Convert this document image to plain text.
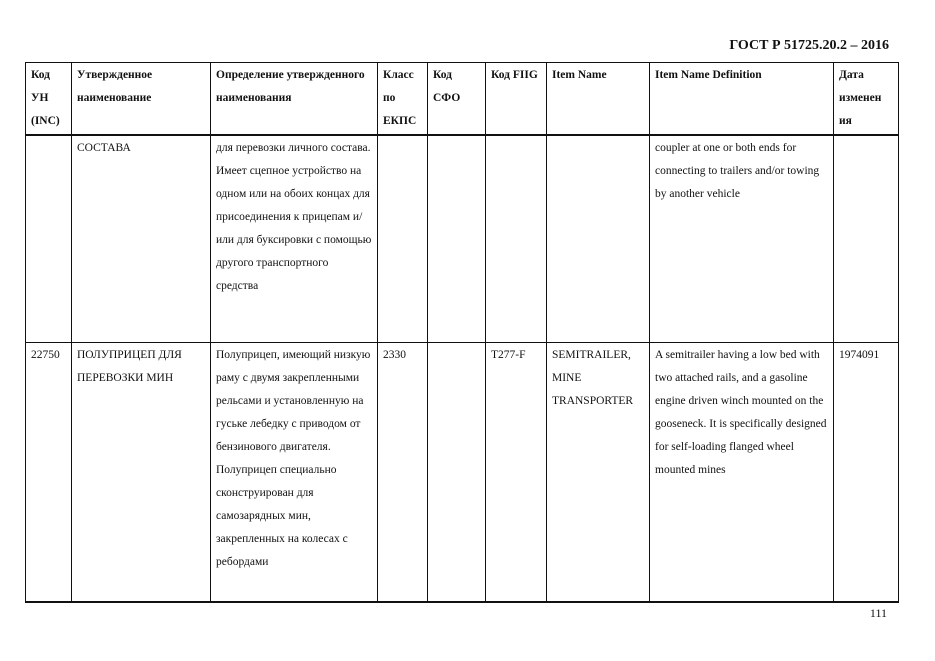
ГОСТ Р 51725.20.2 – 2016
Код УН (INC)	Утвержденное наименование	Определение утвержденного наименования	Класс по ЕКПС	Код СФО	Код FIIG	Item Name	Item Name Definition	Дата изменен ия
	СОСТАВА	для перевозки личного состава. Имеет сцепное устройство на одном или на обоих концах для присоединения к прицепам и/или для буксировки с помощью другого транспортного средства					coupler at one or both ends for connecting to trailers and/or towing by another vehicle	
22750	ПОЛУПРИЦЕП ДЛЯ ПЕРЕВОЗКИ МИН	Полуприцеп, имеющий низкую раму с двумя закрепленными рельсами и установленную на гуське лебедку с приводом от бензинового двигателя. Полуприцеп специально сконструирован для самозарядных мин, закрепленных на колесах с ребордами	2330		T277-F	SEMITRAILER, MINE TRANSPORTER	A semitrailer having a low bed with two attached rails, and a gasoline engine driven winch mounted on the gooseneck. It is specifically designed for self-loading flanged wheel mounted mines	1974091
111
